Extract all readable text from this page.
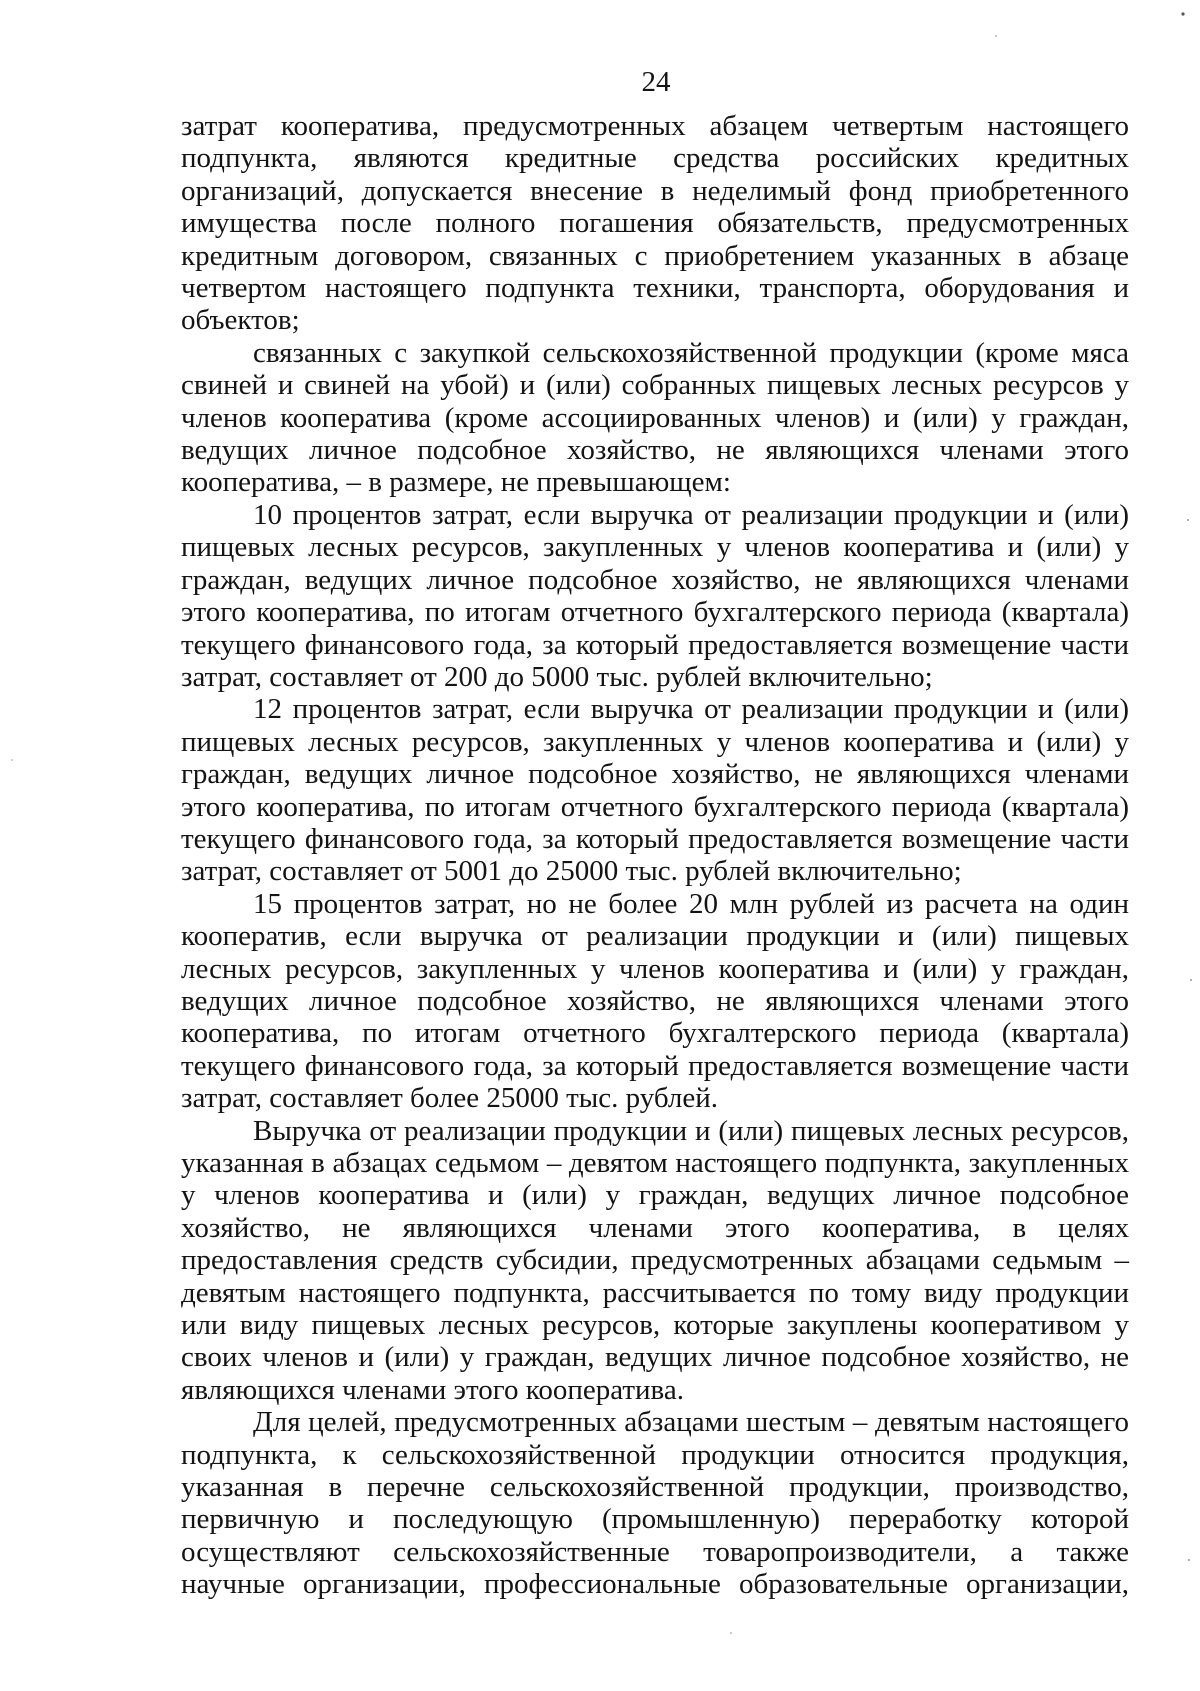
24

затрат кооператива, предусмотренных абзацем четвертым настоящего подпункта, являются кредитные средства российских кредитных организаций, допускается внесение в неделимый фонд приобретенного имущества после полного погашения обязательств, предусмотренных кредитным договором, связанных с приобретением указанных в абзаце четвертом настоящего подпункта техники, транспорта, оборудования и объектов;

связанных с закупкой сельскохозяйственной продукции (кроме мяса свиней и свиней на убой) и (или) собранных пищевых лесных ресурсов у членов кооператива (кроме ассоциированных членов) и (или) у граждан, ведущих личное подсобное хозяйство, не являющихся членами этого кооператива, – в размере, не превышающем:

10 процентов затрат, если выручка от реализации продукции и (или) пищевых лесных ресурсов, закупленных у членов кооператива и (или) у граждан, ведущих личное подсобное хозяйство, не являющихся членами этого кооператива, по итогам отчетного бухгалтерского периода (квартала) текущего финансового года, за который предоставляется возмещение части затрат, составляет от 200 до 5000 тыс. рублей включительно;

12 процентов затрат, если выручка от реализации продукции и (или) пищевых лесных ресурсов, закупленных у членов кооператива и (или) у граждан, ведущих личное подсобное хозяйство, не являющихся членами этого кооператива, по итогам отчетного бухгалтерского периода (квартала) текущего финансового года, за который предоставляется возмещение части затрат, составляет от 5001 до 25000 тыс. рублей включительно;

15 процентов затрат, но не более 20 млн рублей из расчета на один кооператив, если выручка от реализации продукции и (или) пищевых лесных ресурсов, закупленных у членов кооператива и (или) у граждан, ведущих личное подсобное хозяйство, не являющихся членами этого кооператива, по итогам отчетного бухгалтерского периода (квартала) текущего финансового года, за который предоставляется возмещение части затрат, составляет более 25000 тыс. рублей.

Выручка от реализации продукции и (или) пищевых лесных ресурсов, указанная в абзацах седьмом – девятом настоящего подпункта, закупленных у членов кооператива и (или) у граждан, ведущих личное подсобное хозяйство, не являющихся членами этого кооператива, в целях предоставления средств субсидии, предусмотренных абзацами седьмым – девятым настоящего подпункта, рассчитывается по тому виду продукции или виду пищевых лесных ресурсов, которые закуплены кооперативом у своих членов и (или) у граждан, ведущих личное подсобное хозяйство, не являющихся членами этого кооператива.

Для целей, предусмотренных абзацами шестым – девятым настоящего подпункта, к сельскохозяйственной продукции относится продукция, указанная в перечне сельскохозяйственной продукции, производство, первичную и последующую (промышленную) переработку которой осуществляют сельскохозяйственные товаропроизводители, а также научные организации, профессиональные образовательные организации,
